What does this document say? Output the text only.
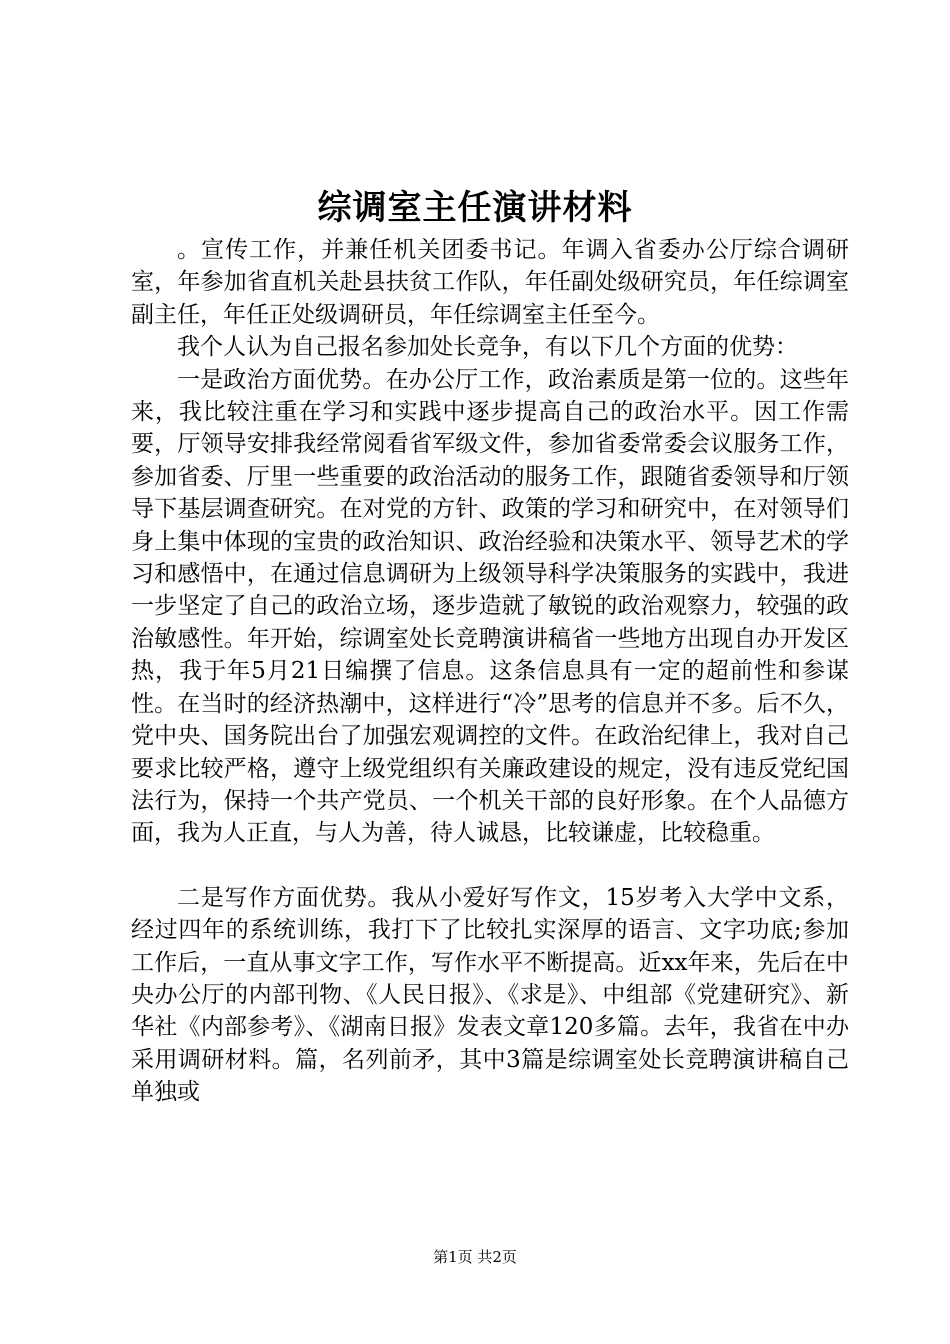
综调室主任演讲材料

。宣传工作，并兼任机关团委书记。年调入省委办公厅综合调研室，年参加省直机关赴县扶贫工作队，年任副处级研究员，年任综调室副主任，年任正处级调研员，年任综调室主任至今。

我个人认为自己报名参加处长竞争，有以下几个方面的优势：

一是政治方面优势。在办公厅工作，政治素质是第一位的。这些年来，我比较注重在学习和实践中逐步提高自己的政治水平。因工作需要，厅领导安排我经常阅看省军级文件，参加省委常委会议服务工作，参加省委、厅里一些重要的政治活动的服务工作，跟随省委领导和厅领导下基层调查研究。在对党的方针、政策的学习和研究中，在对领导们身上集中体现的宝贵的政治知识、政治经验和决策水平、领导艺术的学习和感悟中，在通过信息调研为上级领导科学决策服务的实践中，我进一步坚定了自己的政治立场，逐步造就了敏锐的政治观察力，较强的政治敏感性。年开始，综调室处长竞聘演讲稿省一些地方出现自办开发区热，我于年5月21日编撰了信息。这条信息具有一定的超前性和参谋性。在当时的经济热潮中，这样进行“冷”思考的信息并不多。后不久，党中央、国务院出台了加强宏观调控的文件。在政治纪律上，我对自己要求比较严格，遵守上级党组织有关廉政建设的规定，没有违反党纪国法行为，保持一个共产党员、一个机关干部的良好形象。在个人品德方面，我为人正直，与人为善，待人诚恳，比较谦虚，比较稳重。

二是写作方面优势。我从小爱好写作文，15岁考入大学中文系，经过四年的系统训练，我打下了比较扎实深厚的语言、文字功底;参加工作后，一直从事文字工作，写作水平不断提高。近xx年来，先后在中央办公厅的内部刊物、《人民日报》、《求是》、中组部《党建研究》、新华社《内部参考》、《湖南日报》发表文章120多篇。去年，我省在中办采用调研材料。篇，名列前矛，其中3篇是综调室处长竞聘演讲稿自己单独或

第1页 共2页
